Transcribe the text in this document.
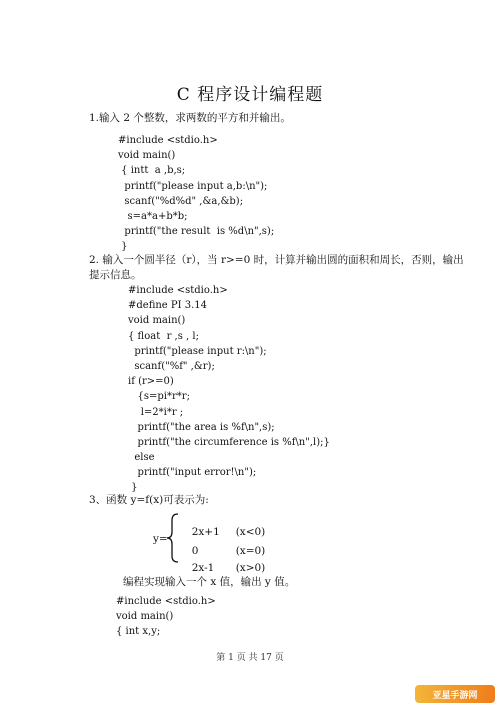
C 程序设计编程题
1.输入 2 个整数，求两数的平方和并输出。
#include <stdio.h>
void main()
{ intt  a ,b,s;
printf("please input a,b:\n");
scanf("%d%d" ,&a,&b);
s=a*a+b*b;
printf("the result  is %d\n",s);
}
2. 输入一个圆半径（r），当 r>=0 时，计算并输出圆的面积和周长，否则，输出
提示信息。
#include <stdio.h>
#define PI 3.14
void main()
{ float  r ,s , l;
printf("please input r:\n");
scanf("%f" ,&r);
if (r>=0)
{s=pi*r*r;
l=2*i*r ;
printf("the area is %f\n",s);
printf("the circumference is %f\n",l);}
else
printf("input error!\n");
}
3、函数 y=f(x)可表示为:
y=

2x+1 (x<0)

0	(x=0)

2x-1 (x>0)

编程实现输入一个 x 值，输出 y 值。
#include <stdio.h>
void main()
{ int x,y;
第 1 页 共 17 页
亚星手游网
